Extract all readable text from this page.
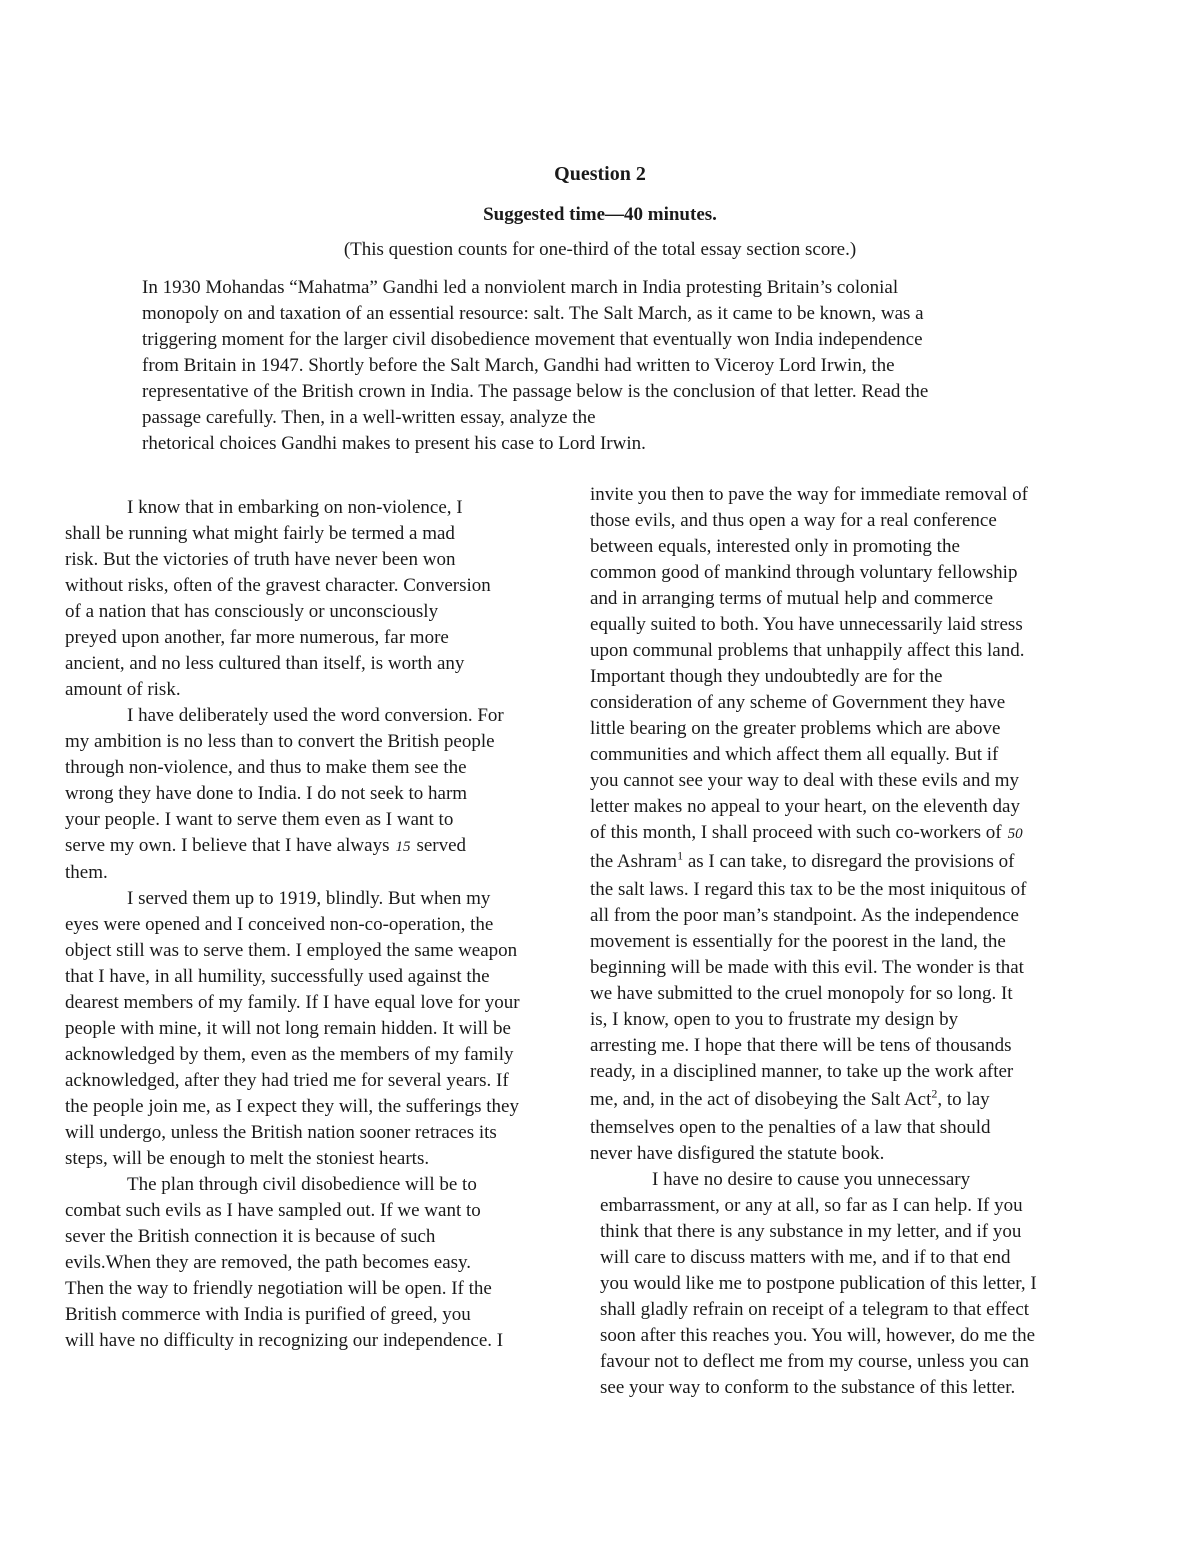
Question 2
Suggested time—40 minutes.
(This question counts for one-third of the total essay section score.)
In 1930 Mohandas “Mahatma” Gandhi led a nonviolent march in India protesting Britain’s colonial
monopoly on and taxation of an essential resource: salt. The Salt March, as it came to be known, was a
triggering moment for the larger civil disobedience movement that eventually won India independence
from Britain in 1947. Shortly before the Salt March, Gandhi had written to Viceroy Lord Irwin, the
representative of the British crown in India. The passage below is the conclusion of that letter. Read the
passage carefully. Then, in a well-written essay, analyze the
rhetorical choices Gandhi makes to present his case to Lord Irwin.
I know that in embarking on non-violence, I
shall be running what might fairly be termed a mad
risk. But the victories of truth have never been won
without risks, often of the gravest character. Conversion
of a nation that has consciously or unconsciously
preyed upon another, far more numerous, far more
ancient, and no less cultured than itself, is worth any
amount of risk.
I have deliberately used the word conversion. For
my ambition is no less than to convert the British people
through non-violence, and thus to make them see the
wrong they have done to India. I do not seek to harm
your people. I want to serve them even as I want to
serve my own. I believe that I have always 15 served
them.
I served them up to 1919, blindly. But when my
eyes were opened and I conceived non-co-operation, the
object still was to serve them. I employed the same weapon
that I have, in all humility, successfully used against the
dearest members of my family. If I have equal love for your
people with mine, it will not long remain hidden. It will be
acknowledged by them, even as the members of my family
acknowledged, after they had tried me for several years. If
the people join me, as I expect they will, the sufferings they
will undergo, unless the British nation sooner retraces its
steps, will be enough to melt the stoniest hearts.
The plan through civil disobedience will be to
combat such evils as I have sampled out. If we want to
sever the British connection it is because of such
evils.When they are removed, the path becomes easy.
Then the way to friendly negotiation will be open. If the
British commerce with India is purified of greed, you
will have no difficulty in recognizing our independence. I
invite you then to pave the way for immediate removal of
those evils, and thus open a way for a real conference
between equals, interested only in promoting the
common good of mankind through voluntary fellowship
and in arranging terms of mutual help and commerce
equally suited to both. You have unnecessarily laid stress
upon communal problems that unhappily affect this land.
Important though they undoubtedly are for the
consideration of any scheme of Government they have
little bearing on the greater problems which are above
communities and which affect them all equally. But if
you cannot see your way to deal with these evils and my
letter makes no appeal to your heart, on the eleventh day
of this month, I shall proceed with such co-workers of 50
the Ashram$^1$ as I can take, to disregard the provisions of
the salt laws. I regard this tax to be the most iniquitous of
all from the poor man’s standpoint. As the independence
movement is essentially for the poorest in the land, the
beginning will be made with this evil. The wonder is that
we have submitted to the cruel monopoly for so long. It
is, I know, open to you to frustrate my design by
arresting me. I hope that there will be tens of thousands
ready, in a disciplined manner, to take up the work after
me, and, in the act of disobeying the Salt Act$^2$, to lay
themselves open to the penalties of a law that should
never have disfigured the statute book.
I have no desire to cause you unnecessary
embarrassment, or any at all, so far as I can help. If you
think that there is any substance in my letter, and if you
will care to discuss matters with me, and if to that end
you would like me to postpone publication of this letter, I
shall gladly refrain on receipt of a telegram to that effect
soon after this reaches you. You will, however, do me the
favour not to deflect me from my course, unless you can
see your way to conform to the substance of this letter.
